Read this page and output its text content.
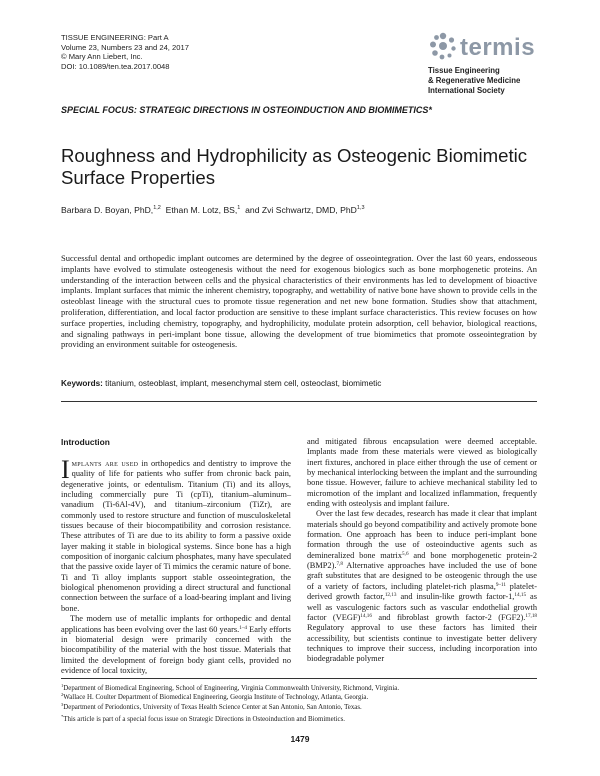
TISSUE ENGINEERING: Part A
Volume 23, Numbers 23 and 24, 2017
© Mary Ann Liebert, Inc.
DOI: 10.1089/ten.tea.2017.0048
termis
Tissue Engineering
& Regenerative Medicine
International Society
SPECIAL FOCUS: STRATEGIC DIRECTIONS IN OSTEOINDUCTION AND BIOMIMETICS*
Roughness and Hydrophilicity as Osteogenic Biomimetic Surface Properties
Barbara D. Boyan, PhD,$^{1,2}$ Ethan M. Lotz, BS,$^1$ and Zvi Schwartz, DMD, PhD$^{1,3}$
Successful dental and orthopedic implant outcomes are determined by the degree of osseointegration. Over the last 60 years, endosseous implants have evolved to stimulate osteogenesis without the need for exogenous biologics such as bone morphogenetic proteins. An understanding of the interaction between cells and the physical characteristics of their environments has led to development of bioactive implants. Implant surfaces that mimic the inherent chemistry, topography, and wettability of native bone have shown to provide cells in the osteoblast lineage with the structural cues to promote tissue regeneration and net new bone formation. Studies show that attachment, proliferation, differentiation, and local factor production are sensitive to these implant surface characteristics. This review focuses on how surface properties, including chemistry, topography, and hydrophilicity, modulate protein adsorption, cell behavior, biological reactions, and signaling pathways in peri-implant bone tissue, allowing the development of true biomimetics that promote osseointegration by providing an environment suitable for osteogenesis.
Keywords: titanium, osteoblast, implant, mesenchymal stem cell, osteoclast, biomimetic
Introduction

Implants are used in orthopedics and dentistry to improve the quality of life for patients who suffer from chronic back pain, degenerative joints, or edentulism. Titanium (Ti) and its alloys, including commercially pure Ti (cpTi), titanium–aluminum–vanadium (Ti-6Al-4V), and titanium–zirconium (TiZr), are commonly used to restore structure and function of musculoskeletal tissues because of their biocompatibility and corrosion resistance. These attributes of Ti are due to its ability to form a passive oxide layer making it stable in biological systems. Since bone has a high composition of inorganic calcium phosphates, many have speculated that the passive oxide layer of Ti mimics the ceramic nature of bone. Ti and Ti alloy implants support stable osseointegration, the biological phenomenon providing a direct structural and functional connection between the surface of a load-bearing implant and living bone.

The modern use of metallic implants for orthopedic and dental applications has been evolving over the last 60 years.$^{1-4}$ Early efforts in biomaterial design were primarily concerned with the biocompatibility of the material with the host tissue. Materials that limited the development of foreign body giant cells, provided no evidence of local toxicity,

and mitigated fibrous encapsulation were deemed acceptable. Implants made from these materials were viewed as biologically inert fixtures, anchored in place either through the use of cement or by mechanical interlocking between the implant and the surrounding bone tissue. However, failure to achieve mechanical stability led to micromotion of the implant and localized inflammation, frequently ending with osteolysis and implant failure.

Over the last few decades, research has made it clear that implant materials should go beyond compatibility and actively promote bone formation. One approach has been to induce peri-implant bone formation through the use of osteoinductive agents such as demineralized bone matrix$^{5,6}$ and bone morphogenetic protein-2 (BMP2).$^{7,8}$ Alternative approaches have included the use of bone graft substitutes that are designed to be osteogenic through the use of a variety of factors, including platelet-rich plasma,$^{9-11}$ platelet-derived growth factor,$^{12,13}$ and insulin-like growth factor-1,$^{14,15}$ as well as vasculogenic factors such as vascular endothelial growth factor (VEGF)$^{14,16}$ and fibroblast growth factor-2 (FGF2).$^{17,18}$ Regulatory approval to use these factors has limited their accessibility, but scientists continue to investigate better delivery techniques to improve their success, including incorporation into biodegradable polymer

$^1$Department of Biomedical Engineering, School of Engineering, Virginia Commonwealth University, Richmond, Virginia.
$^2$Wallace H. Coulter Department of Biomedical Engineering, Georgia Institute of Technology, Atlanta, Georgia.
$^3$Department of Periodontics, University of Texas Health Science Center at San Antonio, San Antonio, Texas.
*This article is part of a special focus issue on Strategic Directions in Osteoinduction and Biomimetics.
1479
